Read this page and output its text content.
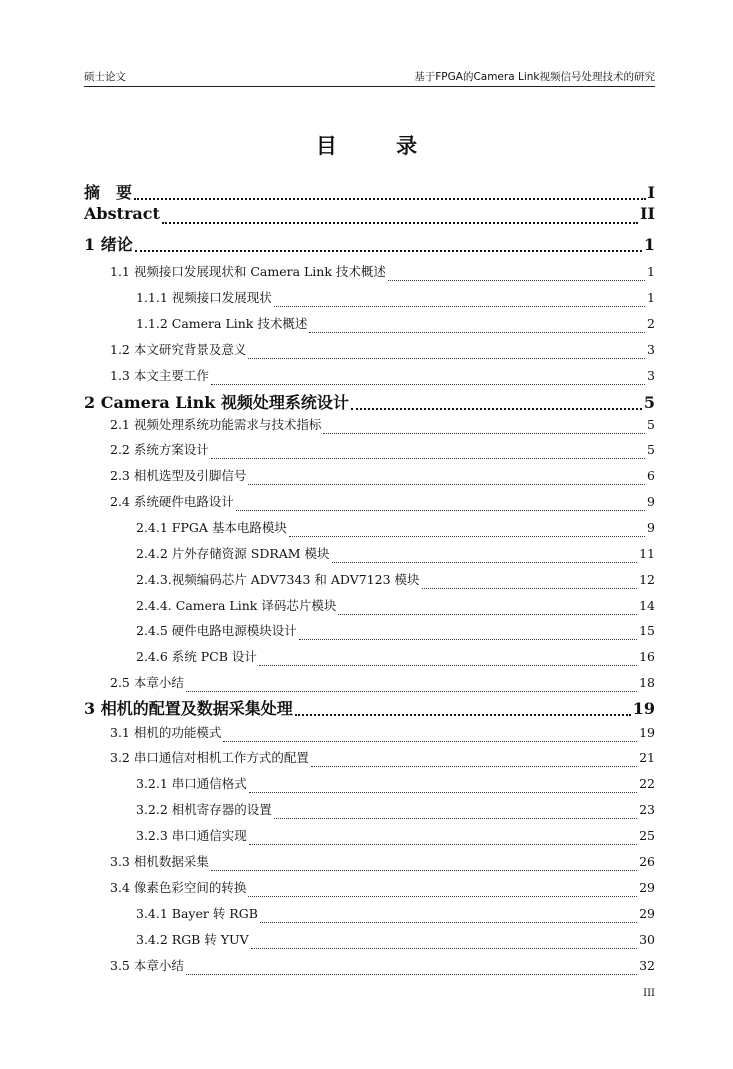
硕士论文	基于FPGA的Camera Link视频信号处理技术的研究
目 录
摘　要	I
Abstract	II
1 绪论	1
1.1 视频接口发展现状和 Camera Link 技术概述	1
1.1.1 视频接口发展现状	1
1.1.2 Camera Link 技术概述	2
1.2 本文研究背景及意义	3
1.3 本文主要工作	3
2 Camera Link 视频处理系统设计	5
2.1 视频处理系统功能需求与技术指标	5
2.2 系统方案设计	5
2.3 相机选型及引脚信号	6
2.4 系统硬件电路设计	9
2.4.1 FPGA 基本电路模块	9
2.4.2 片外存储资源 SDRAM 模块	11
2.4.3.视频编码芯片 ADV7343 和 ADV7123 模块	12
2.4.4. Camera Link 译码芯片模块	14
2.4.5 硬件电路电源模块设计	15
2.4.6 系统 PCB 设计	16
2.5 本章小结	18
3 相机的配置及数据采集处理	19
3.1 相机的功能模式	19
3.2 串口通信对相机工作方式的配置	21
3.2.1 串口通信格式	22
3.2.2 相机寄存器的设置	23
3.2.3 串口通信实现	25
3.3 相机数据采集	26
3.4 像素色彩空间的转换	29
3.4.1 Bayer 转 RGB	29
3.4.2 RGB 转 YUV	30
3.5 本章小结	32
III
